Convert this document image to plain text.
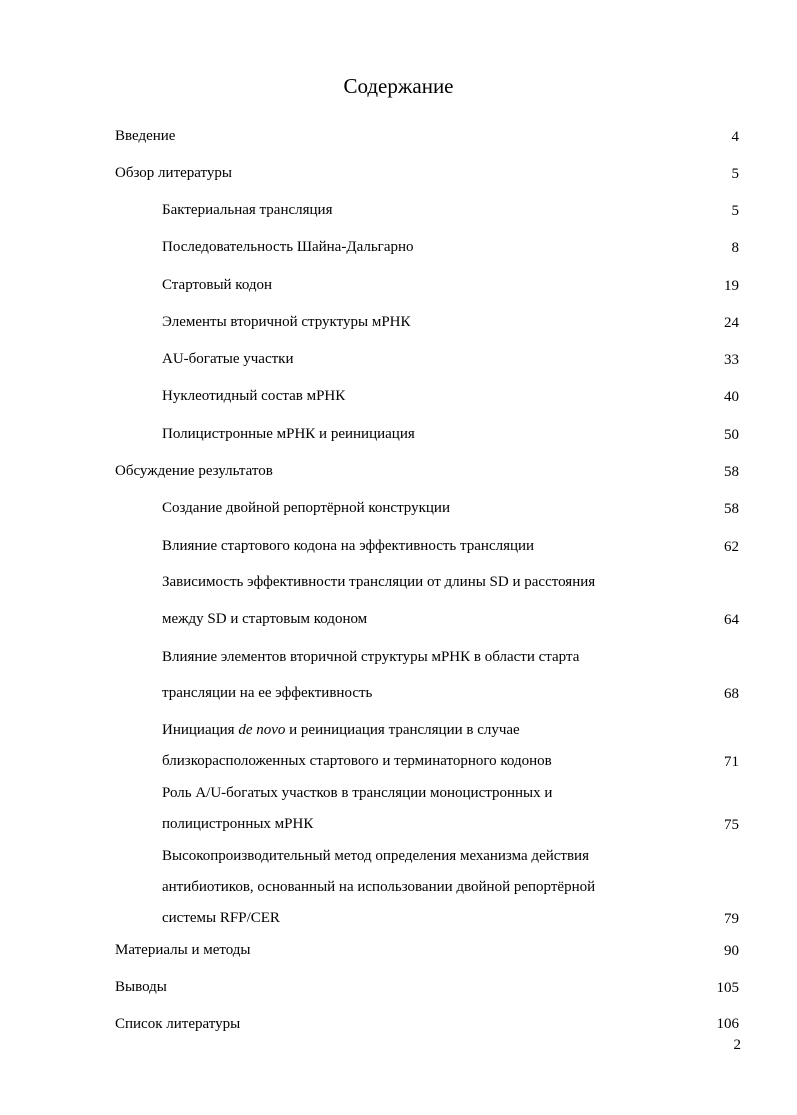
Содержание
Введение	4
Обзор литературы	5
Бактериальная трансляция	5
Последовательность Шайна-Дальгарно	8
Стартовый кодон	19
Элементы вторичной структуры мРНК	24
AU-богатые участки	33
Нуклеотидный состав мРНК	40
Полицистронные мРНК и реинициация	50
Обсуждение результатов	58
Создание двойной репортёрной конструкции	58
Влияние стартового кодона на эффективность трансляции	62
Зависимость эффективности трансляции от длины SD и расстояния
между SD и стартовым кодоном	64
Влияние элементов вторичной структуры мРНК в области старта
трансляции на ее эффективность	68
Инициация de novo и реинициация трансляции в случае
близкорасположенных стартового и терминаторного кодонов	71
Роль A/U-богатых участков в трансляции моноцистронных и
полицистронных мРНК	75
Высокопроизводительный метод определения механизма действия
антибиотиков, основанный на использовании двойной репортёрной
системы RFP/CER	79
Материалы и методы	90
Выводы	105
Список литературы	106
2
